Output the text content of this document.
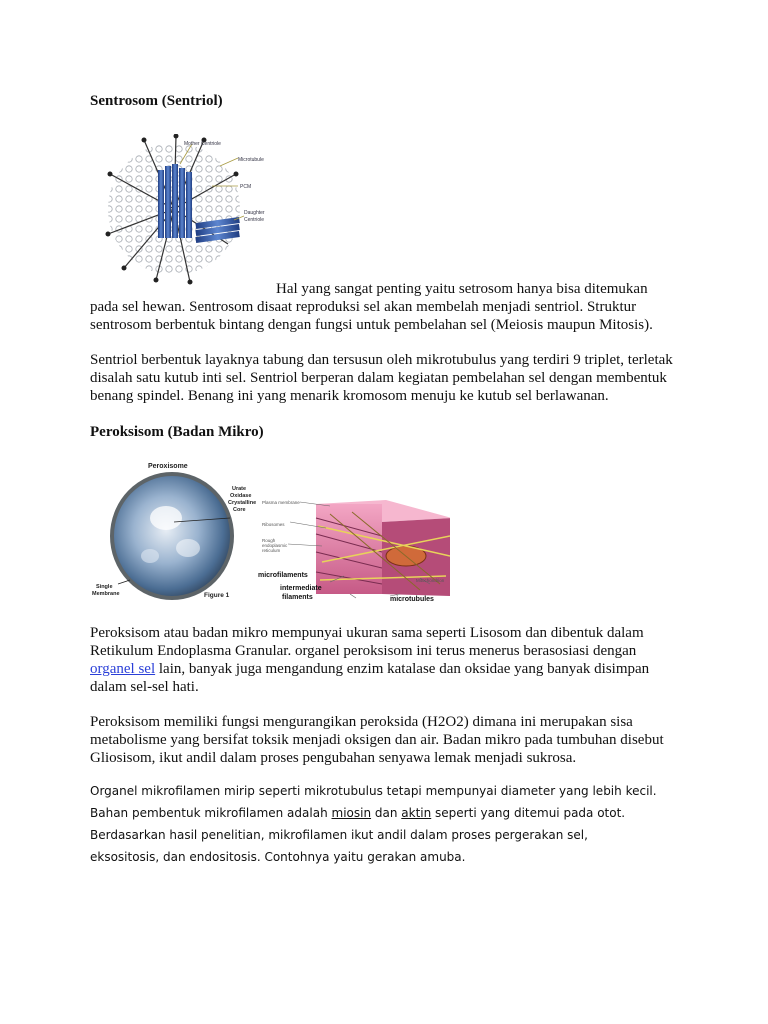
Sentrosom (Sentriol)
Mother Centriole
Microtubule
PCM
Daughter
Centriole
Hal yang sangat penting yaitu setrosom hanya bisa ditemukan
pada sel hewan. Sentrosom disaat reproduksi sel akan membelah menjadi sentriol. Struktur sentrosom berbentuk bintang dengan fungsi untuk pembelahan sel (Meiosis maupun Mitosis).
Sentriol berbentuk layaknya tabung dan tersusun oleh mikrotubulus yang terdiri 9 triplet, terletak disalah satu kutub inti sel. Sentriol berperan dalam kegiatan pembelahan sel dengan membentuk benang spindel. Benang ini yang menarik kromosom menuju ke kutub sel berlawanan.
Peroksisom (Badan Mikro)
Peroxisome
Urate
Oxidase
Crystalline
Core
Single
Membrane	Figure 1
Plasma membrane
Ribosomes
Rough
endoplasmic
reticulum
microfilaments
intermediate
filaments	microtubules
Mitochondrion
Peroksisom atau badan mikro mempunyai ukuran sama seperti Lisosom dan dibentuk dalam Retikulum Endoplasma Granular. organel peroksisom ini terus menerus berasosiasi dengan organel sel lain, banyak juga mengandung enzim katalase dan oksidae yang banyak disimpan dalam sel-sel hati.
Peroksisom memiliki fungsi mengurangikan peroksida (H2O2) dimana ini merupakan sisa metabolisme yang bersifat toksik menjadi oksigen dan air. Badan mikro pada tumbuhan disebut Gliosisom, ikut andil dalam proses pengubahan senyawa lemak menjadi sukrosa.
Organel mikrofilamen mirip seperti mikrotubulus tetapi mempunyai diameter yang lebih kecil. Bahan pembentuk mikrofilamen adalah miosin dan aktin seperti yang ditemui pada otot. Berdasarkan hasil penelitian, mikrofilamen ikut andil dalam proses pergerakan sel, eksositosis, dan endositosis. Contohnya yaitu gerakan amuba.
